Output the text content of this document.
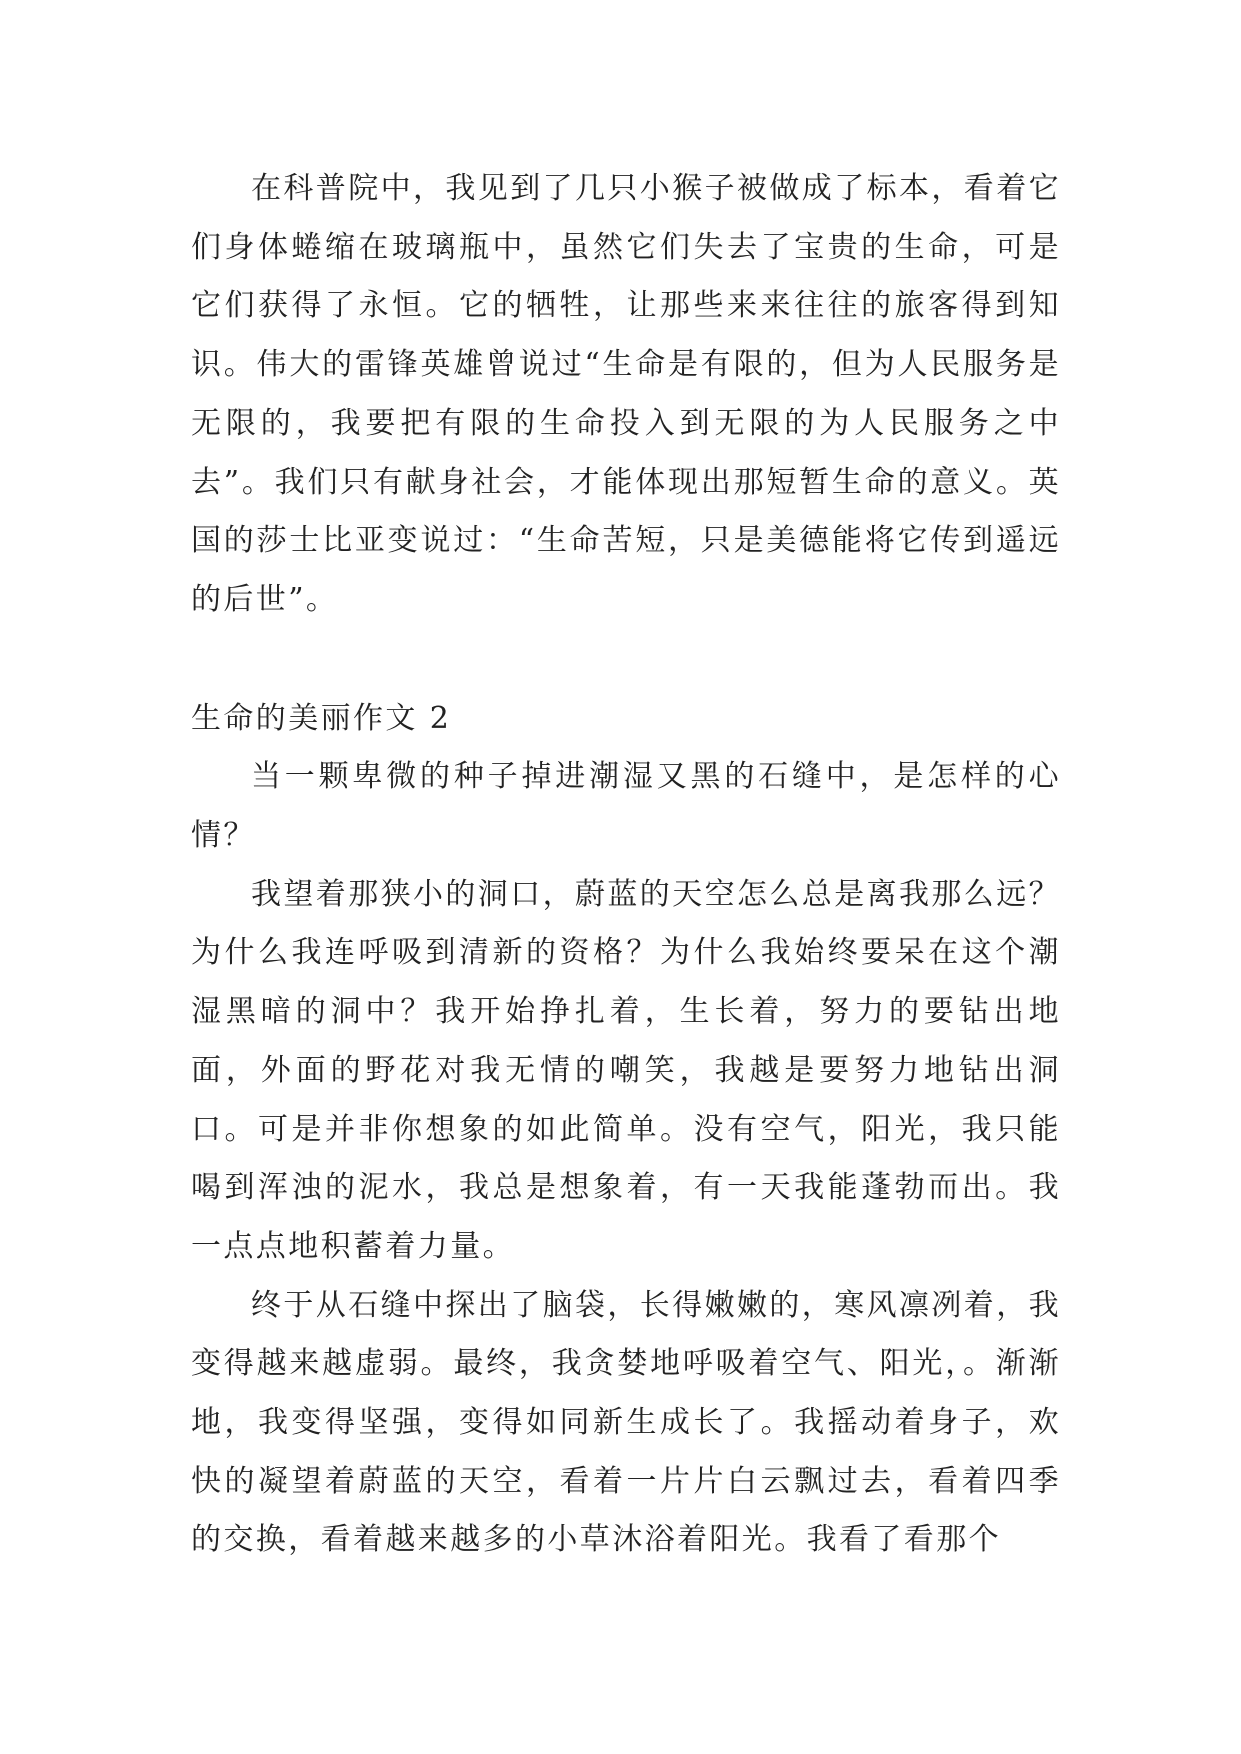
在科普院中，我见到了几只小猴子被做成了标本，看着它们身体蜷缩在玻璃瓶中，虽然它们失去了宝贵的生命，可是它们获得了永恒。它的牺牲，让那些来来往往的旅客得到知识。伟大的雷锋英雄曾说过“生命是有限的，但为人民服务是无限的，我要把有限的生命投入到无限的为人民服务之中去”。我们只有献身社会，才能体现出那短暂生命的意义。英国的莎士比亚变说过：“生命苦短，只是美德能将它传到遥远的后世”。

生命的美丽作文 2

当一颗卑微的种子掉进潮湿又黑的石缝中，是怎样的心情？

我望着那狭小的洞口，蔚蓝的天空怎么总是离我那么远？为什么我连呼吸到清新的资格？为什么我始终要呆在这个潮湿黑暗的洞中？我开始挣扎着，生长着，努力的要钻出地面，外面的野花对我无情的嘲笑，我越是要努力地钻出洞口。可是并非你想象的如此简单。没有空气，阳光，我只能喝到浑浊的泥水，我总是想象着，有一天我能蓬勃而出。我一点点地积蓄着力量。

终于从石缝中探出了脑袋，长得嫩嫩的，寒风凛冽着，我变得越来越虚弱。最终，我贪婪地呼吸着空气、阳光，。渐渐地，我变得坚强，变得如同新生成长了。我摇动着身子，欢快的凝望着蔚蓝的天空，看着一片片白云飘过去，看着四季的交换，看着越来越多的小草沐浴着阳光。我看了看那个
